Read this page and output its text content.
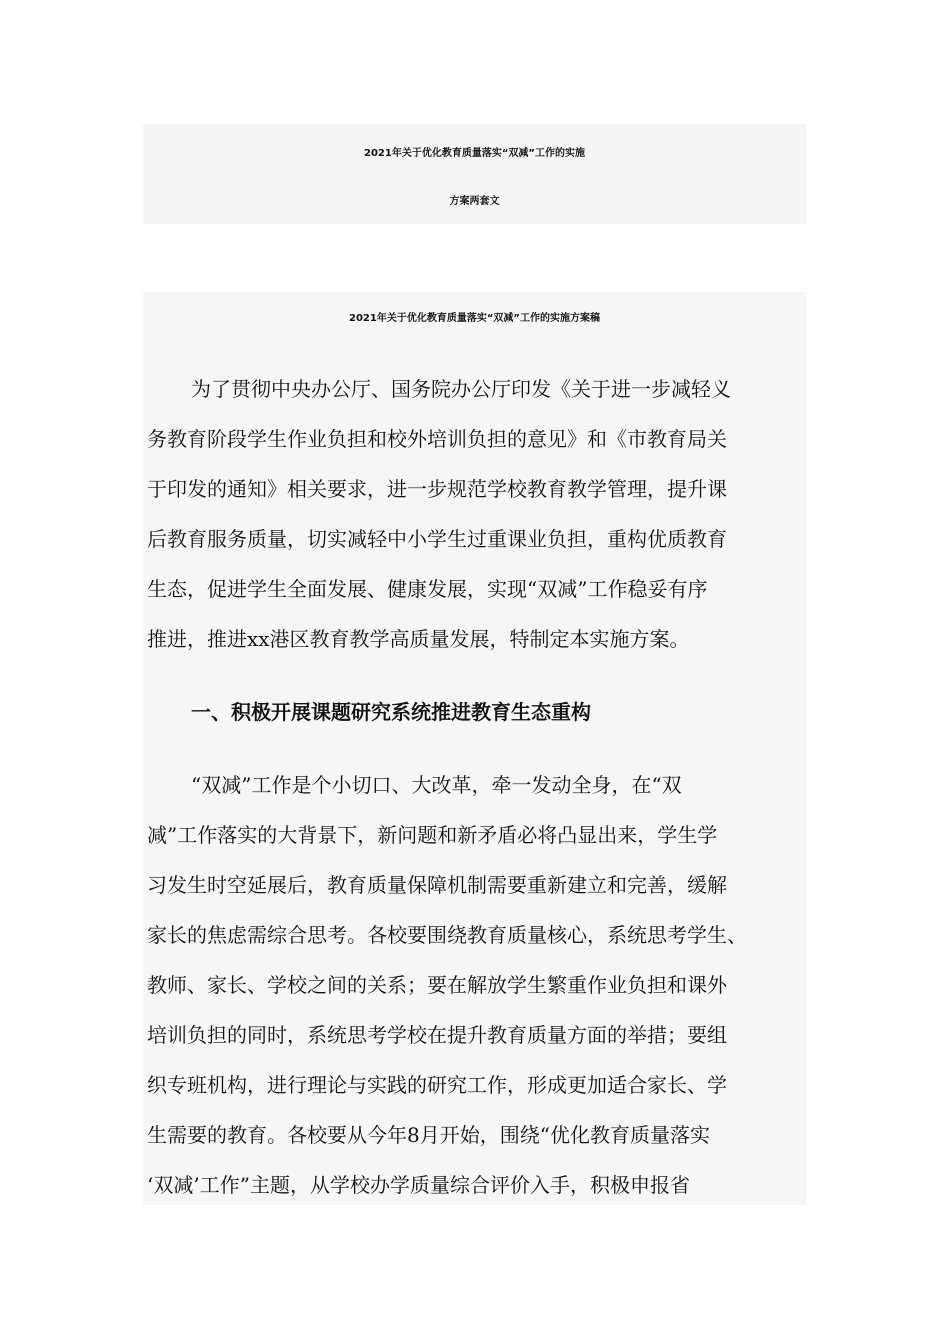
2021年关于优化教育质量落实“双减”工作的实施
方案两套文
2021年关于优化教育质量落实“双减”工作的实施方案稿
为了贯彻中央办公厅、国务院办公厅印发《关于进一步减轻义
务教育阶段学生作业负担和校外培训负担的意见》和《市教育局关
于印发的通知》相关要求，进一步规范学校教育教学管理，提升课
后教育服务质量，切实减轻中小学生过重课业负担，重构优质教育
生态，促进学生全面发展、健康发展，实现“双减”工作稳妥有序
推进，推进xx港区教育教学高质量发展，特制定本实施方案。
一、积极开展课题研究系统推进教育生态重构
“双减”工作是个小切口、大改革，牵一发动全身，在“双
减”工作落实的大背景下，新问题和新矛盾必将凸显出来，学生学
习发生时空延展后，教育质量保障机制需要重新建立和完善，缓解
家长的焦虑需综合思考。各校要围绕教育质量核心，系统思考学生、
教师、家长、学校之间的关系；要在解放学生繁重作业负担和课外
培训负担的同时，系统思考学校在提升教育质量方面的举措；要组
织专班机构，进行理论与实践的研究工作，形成更加适合家长、学
生需要的教育。各校要从今年8月开始，围绕“优化教育质量落实
‘双减’工作”主题，从学校办学质量综合评价入手，积极申报省
